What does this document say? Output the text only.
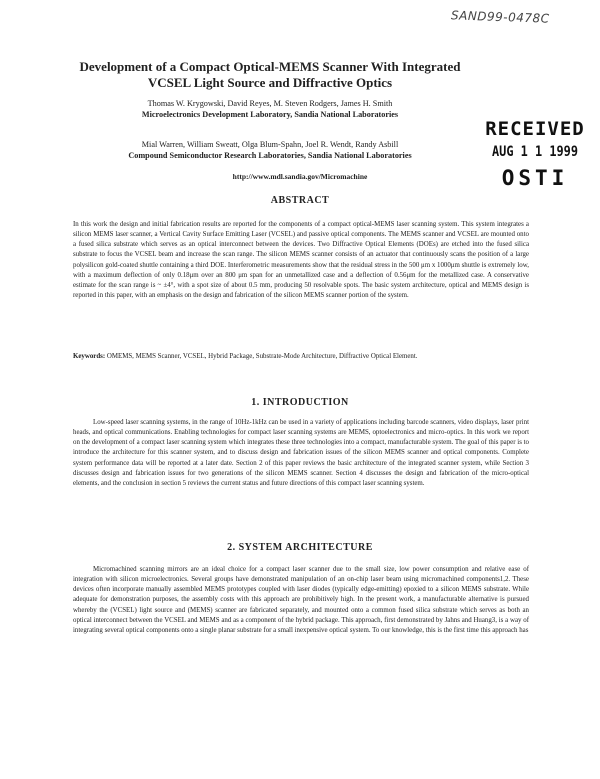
SAND99-0478C
RECEIVED
AUG 1 1 1999
OSTI
Development of a Compact Optical-MEMS Scanner With Integrated VCSEL Light Source and Diffractive Optics
Thomas W. Krygowski, David Reyes, M. Steven Rodgers, James H. Smith
Microelectronics Development Laboratory, Sandia National Laboratories
Mial Warren, William Sweatt, Olga Blum-Spahn, Joel R. Wendt, Randy Asbill
Compound Semiconductor Research Laboratories, Sandia National Laboratories
http://www.mdl.sandia.gov/Micromachine
ABSTRACT

In this work the design and initial fabrication results are reported for the components of a compact optical-MEMS laser scanning system. This system integrates a silicon MEMS laser scanner, a Vertical Cavity Surface Emitting Laser (VCSEL) and passive optical components. The MEMS scanner and VCSEL are mounted onto a fused silica substrate which serves as an optical interconnect between the devices. Two Diffractive Optical Elements (DOEs) are etched into the fused silica substrate to focus the VCSEL beam and increase the scan range. The silicon MEMS scanner consists of an actuator that continuously scans the position of a large polysilicon gold-coated shuttle containing a third DOE. Interferometric measurements show that the residual stress in the 500 μm x 1000μm shuttle is extremely low, with a maximum deflection of only 0.18μm over an 800 μm span for an unmetallized case and a deflection of 0.56μm for the metallized case. A conservative estimate for the scan range is ~ ±4°, with a spot size of about 0.5 mm, producing 50 resolvable spots. The basic system architecture, optical and MEMS design is reported in this paper, with an emphasis on the design and fabrication of the silicon MEMS scanner portion of the system.

Keywords: OMEMS, MEMS Scanner, VCSEL, Hybrid Package, Substrate-Mode Architecture, Diffractive Optical Element.

1. INTRODUCTION

Low-speed laser scanning systems, in the range of 10Hz-1kHz can be used in a variety of applications including barcode scanners, video displays, laser print heads, and optical communications. Enabling technologies for compact laser scanning systems are MEMS, optoelectronics and micro-optics. In this work we report on the development of a compact laser scanning system which integrates these three technologies into a compact, manufacturable system. The goal of this paper is to introduce the architecture for this scanner system, and to discuss design and fabrication issues of the silicon MEMS scanner and optical components. Complete system performance data will be reported at a later date. Section 2 of this paper reviews the basic architecture of the integrated scanner system, while Section 3 discusses design and fabrication issues for two generations of the silicon MEMS scanner. Section 4 discusses the design and fabrication of the micro-optical elements, and the conclusion in section 5 reviews the current status and future directions of this compact laser scanning system.

2. SYSTEM ARCHITECTURE

Micromachined scanning mirrors are an ideal choice for a compact laser scanner due to the small size, low power consumption and relative ease of integration with silicon microelectronics. Several groups have demonstrated manipulation of an on-chip laser beam using micromachined components1,2. These devices often incorporate manually assembled MEMS prototypes coupled with laser diodes (typically edge-emitting) epoxied to a silicon MEMS substrate. While adequate for demonstration purposes, the assembly costs with this approach are prohibitively high. In the present work, a manufacturable alternative is pursued whereby the (VCSEL) light source and (MEMS) scanner are fabricated separately, and mounted onto a common fused silica substrate which serves as both an optical interconnect between the VCSEL and MEMS and as a component of the hybrid package. This approach, first demonstrated by Jahns and Huang3, is a way of integrating several optical components onto a single planar substrate for a small inexpensive optical system. To our knowledge, this is the first time this approach has
